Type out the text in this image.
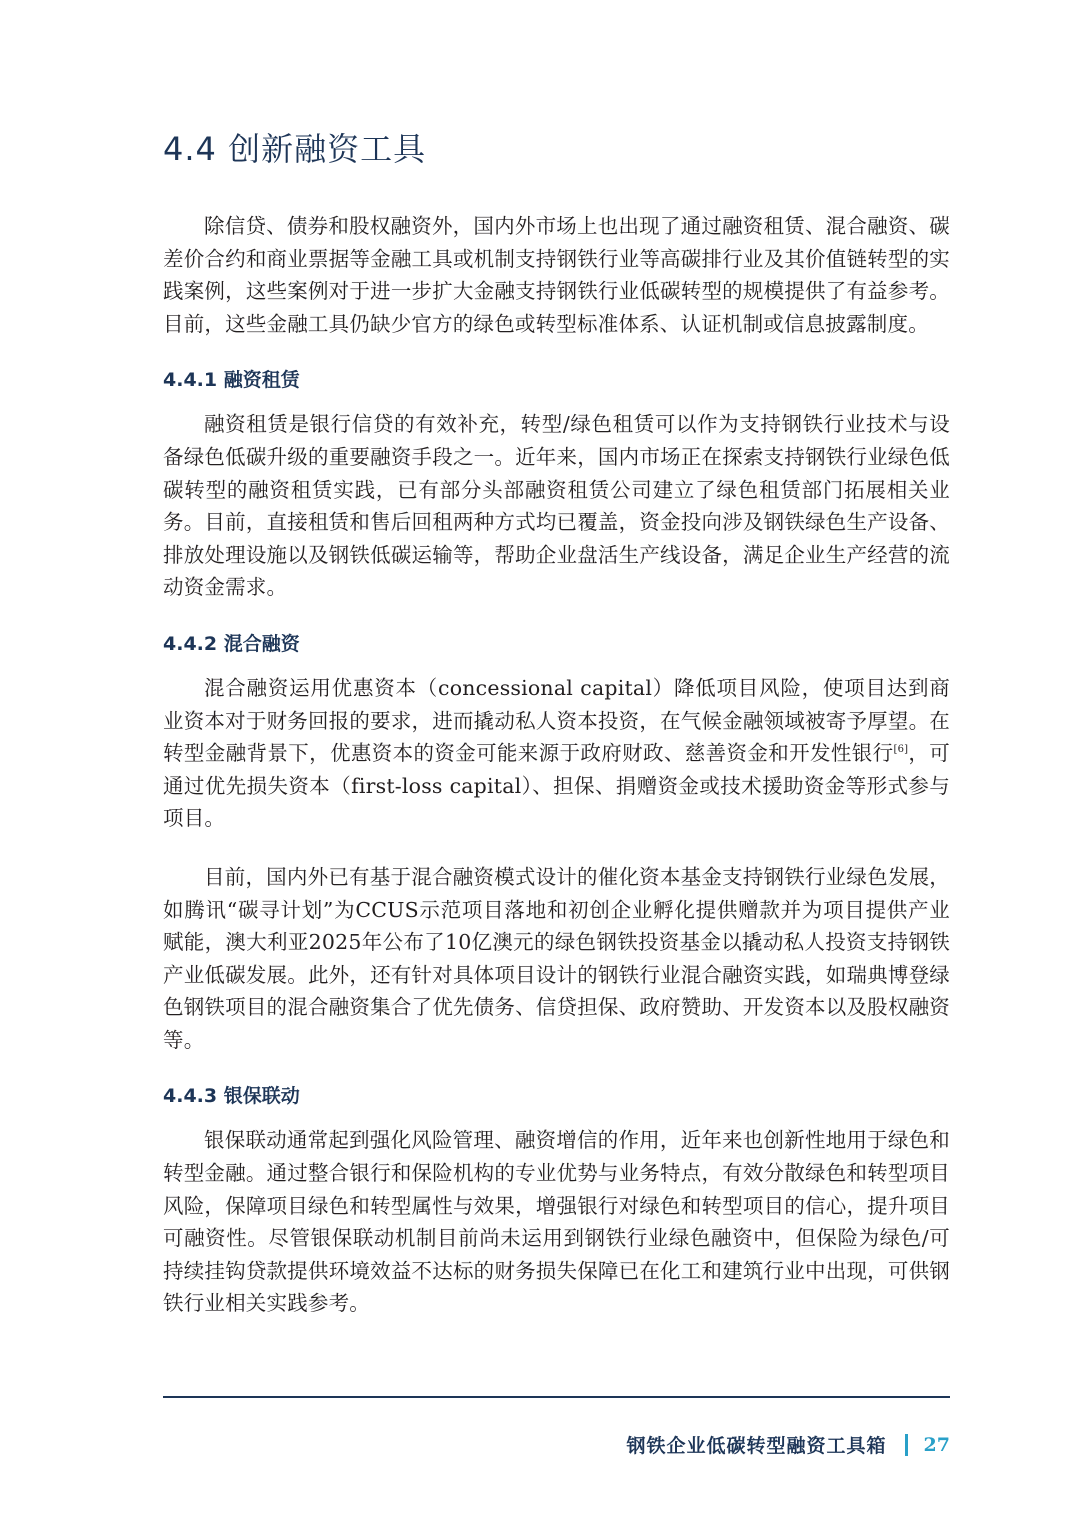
4.4 创新融资工具

除信贷、债券和股权融资外，国内外市场上也出现了通过融资租赁、混合融资、碳差价合约和商业票据等金融工具或机制支持钢铁行业等高碳排行业及其价值链转型的实践案例，这些案例对于进一步扩大金融支持钢铁行业低碳转型的规模提供了有益参考。目前，这些金融工具仍缺少官方的绿色或转型标准体系、认证机制或信息披露制度。

4.4.1 融资租赁

融资租赁是银行信贷的有效补充，转型/绿色租赁可以作为支持钢铁行业技术与设备绿色低碳升级的重要融资手段之一。近年来，国内市场正在探索支持钢铁行业绿色低碳转型的融资租赁实践，已有部分头部融资租赁公司建立了绿色租赁部门拓展相关业务。目前，直接租赁和售后回租两种方式均已覆盖，资金投向涉及钢铁绿色生产设备、排放处理设施以及钢铁低碳运输等，帮助企业盘活生产线设备，满足企业生产经营的流动资金需求。

4.4.2 混合融资

混合融资运用优惠资本（concessional capital）降低项目风险，使项目达到商业资本对于财务回报的要求，进而撬动私人资本投资，在气候金融领域被寄予厚望。在转型金融背景下，优惠资本的资金可能来源于政府财政、慈善资金和开发性银行[6]，可通过优先损失资本（first-loss capital）、担保、捐赠资金或技术援助资金等形式参与项目。

目前，国内外已有基于混合融资模式设计的催化资本基金支持钢铁行业绿色发展，如腾讯“碳寻计划”为CCUS示范项目落地和初创企业孵化提供赠款并为项目提供产业赋能，澳大利亚2025年公布了10亿澳元的绿色钢铁投资基金以撬动私人投资支持钢铁产业低碳发展。此外，还有针对具体项目设计的钢铁行业混合融资实践，如瑞典博登绿色钢铁项目的混合融资集合了优先债务、信贷担保、政府赞助、开发资本以及股权融资等。

4.4.3 银保联动

银保联动通常起到强化风险管理、融资增信的作用，近年来也创新性地用于绿色和转型金融。通过整合银行和保险机构的专业优势与业务特点，有效分散绿色和转型项目风险，保障项目绿色和转型属性与效果，增强银行对绿色和转型项目的信心，提升项目可融资性。尽管银保联动机制目前尚未运用到钢铁行业绿色融资中，但保险为绿色/可持续挂钩贷款提供环境效益不达标的财务损失保障已在化工和建筑行业中出现，可供钢铁行业相关实践参考。

钢铁企业低碳转型融资工具箱 27
